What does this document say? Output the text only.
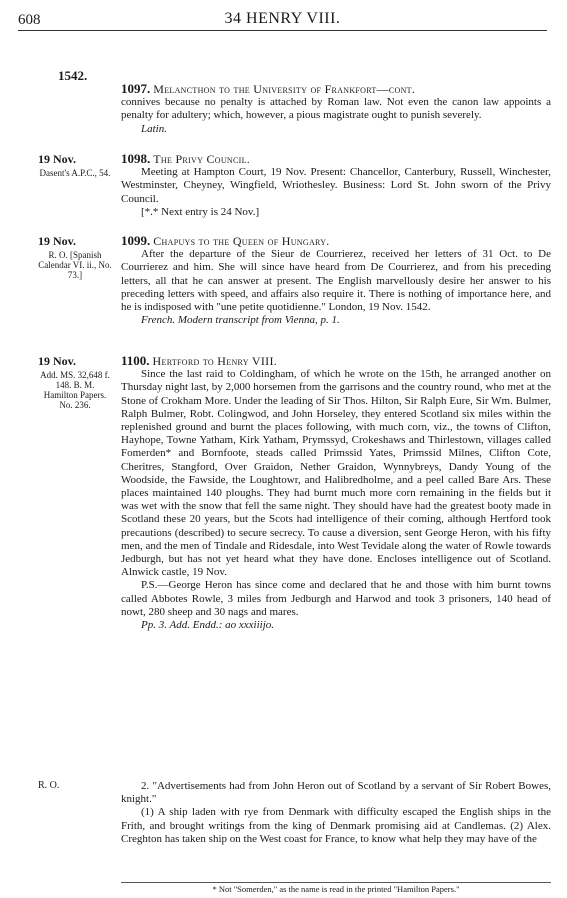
608	34 HENRY VIII.
1542.

1097. Melancthon to the University of Frankfort—cont.

connives because no penalty is attached by Roman law. Not even the canon law appoints a penalty for adultery; which, however, a pious magistrate ought to punish severely.

Latin.

19 Nov.
Dasent's A.P.C., 54.

1098. The Privy Council.

Meeting at Hampton Court, 19 Nov. Present: Chancellor, Canterbury, Russell, Winchester, Westminster, Cheyney, Wingfield, Wriothesley. Business: Lord St. John sworn of the Privy Council.

[*.* Next entry is 24 Nov.]

19 Nov.
R. O. [Spanish Calendar VI. ii., No. 73.]

1099. Chapuys to the Queen of Hungary.

After the departure of the Sieur de Courrierez, received her letters of 31 Oct. to De Courrierez and him. She will since have heard from De Courrierez, and from his preceding letters, all that he can answer at present. The English marvellously desire her answer to his preceding letters with speed, and affairs also require it. There is nothing of importance here, and he is indisposed with "une petite quotidienne." London, 19 Nov. 1542.

French. Modern transcript from Vienna, p. 1.

19 Nov.
Add. MS. 32,648 f. 148. B. M. Hamilton Papers. No. 236.

1100. Hertford to Henry VIII.

Since the last raid to Coldingham, of which he wrote on the 15th, he arranged another on Thursday night last, by 2,000 horsemen from the garrisons and the country round, who met at the Stone of Crokham More. Under the leading of Sir Thos. Hilton, Sir Ralph Eure, Sir Wm. Bulmer, Ralph Bulmer, Robt. Colingwod, and John Horseley, they entered Scotland six miles within the replenished ground and burnt the places following, with much corn, viz., the towns of Clifton, Hayhope, Towne Yatham, Kirk Yatham, Prymssyd, Crokeshaws and Thirlestown, villages called Fomerden* and Bornfoote, steads called Primssid Yates, Primssid Milnes, Clifton Cote, Cheritres, Stangford, Over Graidon, Nether Graidon, Wynnybreys, Dandy Young of the Woodside, the Fawside, the Loughtowr, and Halibredholme, and a peel called Bare Ars. These places maintained 140 ploughs. They had burnt much more corn remaining in the fields but it was wet with the snow that fell the same night. They should have had the greatest booty made in Scotland these 20 years, but the Scots had intelligence of their coming, although Hertford took precautions (described) to secure secrecy. To cause a diversion, sent George Heron, with his fifty men, and the men of Tindale and Ridesdale, into West Tevidale along the water of Rowle towards Jedburgh, but has not yet heard what they have done. Encloses intelligence out of Scotland. Alnwick castle, 19 Nov.

P.S.—George Heron has since come and declared that he and those with him burnt towns called Abbotes Rowle, 3 miles from Jedburgh and Harwod and took 3 prisoners, 140 head of nowt, 280 sheep and 30 nags and mares.

Pp. 3. Add. Endd.: ao xxxiiijo.

R. O.	2. "Advertisements had from John Heron out of Scotland by a servant of Sir Robert Bowes, knight."

(1) A ship laden with rye from Denmark with difficulty escaped the English ships in the Frith, and brought writings from the king of Denmark promising aid at Candlemas. (2) Alex. Creghton has taken ship on the West coast for France, to know what help they may have of the

* Not "Somerden," as the name is read in the printed "Hamilton Papers."
